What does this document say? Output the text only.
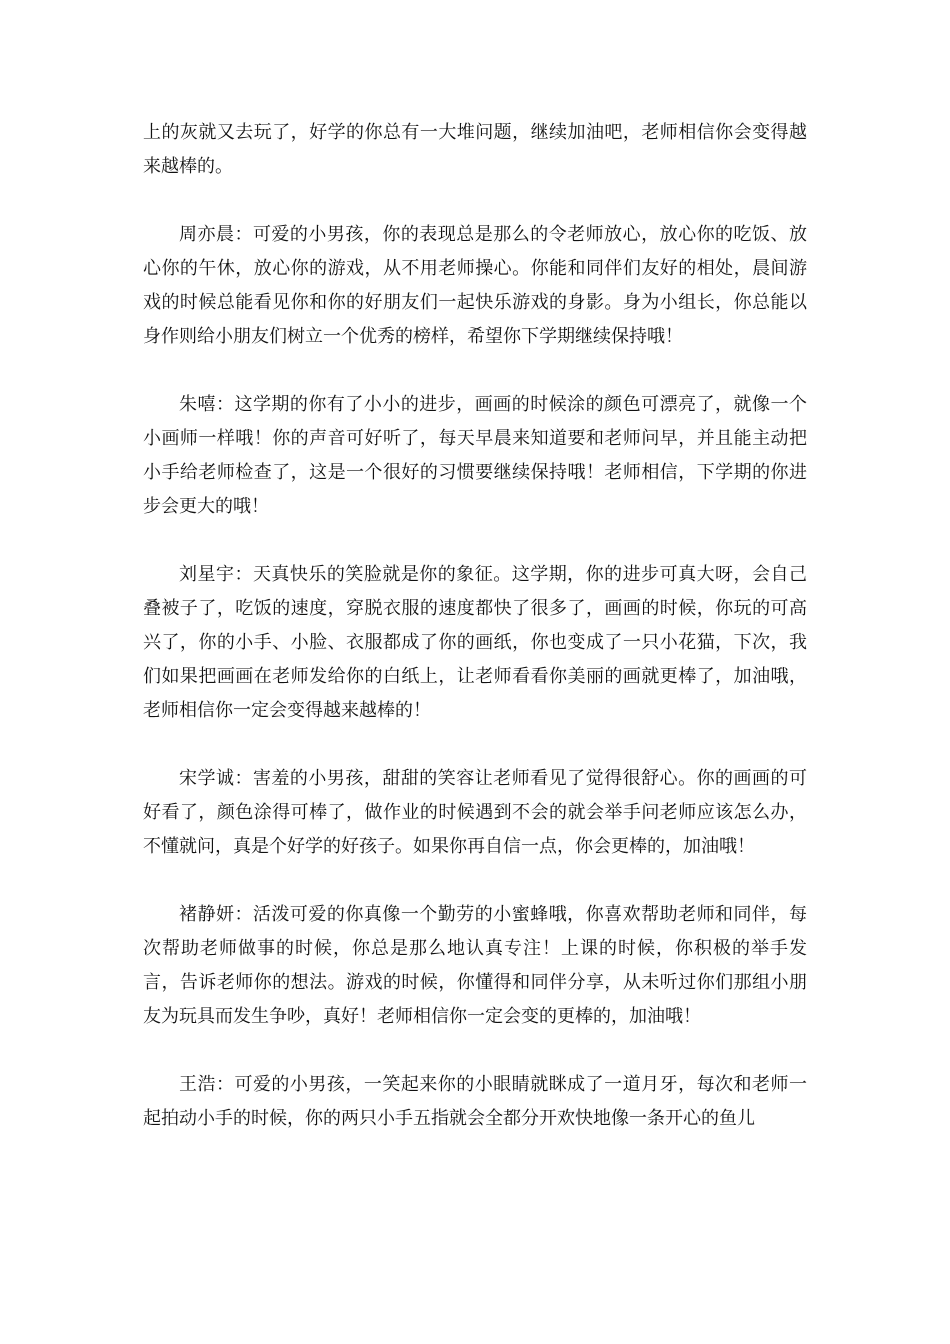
上的灰就又去玩了，好学的你总有一大堆问题，继续加油吧，老师相信你会变得越来越棒的。

周亦晨：可爱的小男孩，你的表现总是那么的令老师放心，放心你的吃饭、放心你的午休，放心你的游戏，从不用老师操心。你能和同伴们友好的相处，晨间游戏的时候总能看见你和你的好朋友们一起快乐游戏的身影。身为小组长，你总能以身作则给小朋友们树立一个优秀的榜样，希望你下学期继续保持哦！

朱嘻：这学期的你有了小小的进步，画画的时候涂的颜色可漂亮了，就像一个小画师一样哦！你的声音可好听了，每天早晨来知道要和老师问早，并且能主动把小手给老师检查了，这是一个很好的习惯要继续保持哦！老师相信，下学期的你进步会更大的哦！

刘星宇：天真快乐的笑脸就是你的象征。这学期，你的进步可真大呀，会自己叠被子了，吃饭的速度，穿脱衣服的速度都快了很多了，画画的时候，你玩的可高兴了，你的小手、小脸、衣服都成了你的画纸，你也变成了一只小花猫，下次，我们如果把画画在老师发给你的白纸上，让老师看看你美丽的画就更棒了，加油哦，老师相信你一定会变得越来越棒的！

宋学诚：害羞的小男孩，甜甜的笑容让老师看见了觉得很舒心。你的画画的可好看了，颜色涂得可棒了，做作业的时候遇到不会的就会举手问老师应该怎么办，不懂就问，真是个好学的好孩子。如果你再自信一点，你会更棒的，加油哦！

褚静妍：活泼可爱的你真像一个勤劳的小蜜蜂哦，你喜欢帮助老师和同伴，每次帮助老师做事的时候，你总是那么地认真专注！上课的时候，你积极的举手发言，告诉老师你的想法。游戏的时候，你懂得和同伴分享，从未听过你们那组小朋友为玩具而发生争吵，真好！老师相信你一定会变的更棒的，加油哦！

王浩：可爱的小男孩，一笑起来你的小眼睛就眯成了一道月牙，每次和老师一起拍动小手的时候，你的两只小手五指就会全都分开欢快地像一条开心的鱼儿
